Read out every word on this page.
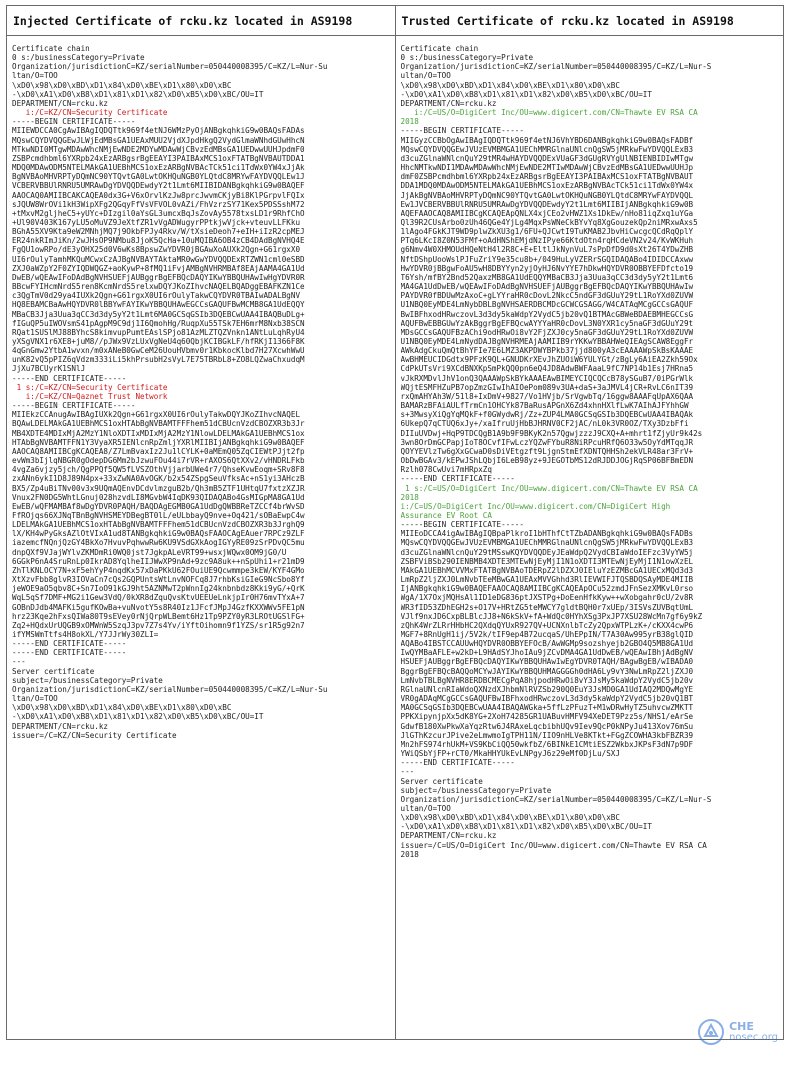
Injected Certificate of rcku.kz located in AS9198
Certificate chain
0 s:/businessCategory=Private
Organization/jurisdictionC=KZ/serialNumber=050440008395/C=KZ/L=Nur-Su
ltan/O=TOO
\xD0\x98\xD0\xBD\xD1\x84\xD0\xBE\xD1\x80\xD0\xBC
-\xD0\xA1\xD0\xB8\xD1\x81\xD1\x82\xD0\xB5\xD0\xBC/OU=IT
DEPARTMENT/CN=rcku.kz
i:/C=KZ/CN=Security Certificate
-----BEGIN CERTIFICATE-----
MIIEWDCCA0CgAwIBAgIQDQTtk969f4etNJ6WMzPyOjANBgkqhkiG9w0BAQsFADAs
MQswCQYDVQQGEwJLWjEdMBsGA1UEAxMUU2VjdXJpdHkgQ2VydGlmaWNhdGUwHhcN
MTkwNDI0MTgwMDAwWhcNMjEwNDE2MDYwMDAwWjCBvzEdMBsGA1UEDwwUUHJpdmF0
ZSBPcmdhbml6YXRpb24xEzARBgsrBgEEAYI3PAIBAxMCS1oxFTATBgNVBAUTDDA1
MDQ0MDAwODM5NTELMAkGA1UEBhMCS1oxEzARBgNVBAcTCk51ci1TdWx0YW4xJjAk
BgNVBAoMHVRPTyDQmNC90YTQvtGA0LwtOKHQuNGB0YLQtdC8MRYwFAYDVQQLEw1J
VCBERVBBUlRNRU5UMRAwDgYDVQQDEwdyY2t1Lmt6MIIBIDANBgkqhkiG9w0BAQEF
AAOCAQ0AMIIBCAKCAQEA0dx3G+V6xOrvlKzJw8prcJwvmCKjyBi8KlPGrpvlFQIx
sJQUW8WrOVi1kH3WipXFg2QGqyFfVsVFVOL0vAZi/FhVzrzSY71Kex5PDSSshM72
+tMxvM2gljheC5+yUYc+DIzgil0aYsGL3umcxBqJsZovAy5578txsLD1r9RhfChO
+Ul90V403K167yLU5oMuVZ9JeXtfZR1vVgADWugyrPPtkjwVjck+vteuvLLFKku
BGhA55XV9Kta9eW2MNhjMQ7j9OkbFPJy4Rkv/W/tXsieDeoh7+eIH+iIzR2cpMEJ
ER24nkRImJiKn/2wJHsOP9NMbu8JjoK5QcHa+10uMQIBA6OB4zCB4DAdBgNVHQ4E
FgQU1owRPo/dE3yOHX25d0V6wKs8BpswZwYDVR0jBGAwXoAUXk2Qgn+G61rgxX0
UI6rOulyTamhMKQuMCwxCzAJBgNVBAYTAktaMR0wGwYDVQQDExRTZWN1cml0eSBD
ZXJ0aWZpY2F0ZYIQDWQGZ+aoKywP+8fMQ1iFvjAMBgNVHRMBAf8EAjAAMA4GA1Ud
DwEB/wQEAwIFoDAdBgNVHSUEFjAUBggrBgEFBQcDAQYIKwYBBQUHAwIwHgYDVR0R
BBcwFYIHcmNrdS5ren8KcmNrdS5relxwDQYJKoZIhvcNAQELBQADggEBAFKZN1Ce
c3QgTmV0d29ya4IUXk2Qgn+G61rgxX0UI6rOulyTakwCQYDVR0TBAIwADALBgNV
HQ8EBAMCBaAwHQYDVR0lBBYwFAYIKwYBBQUHAwEGCCsGAQUFBwMCMB8GA1UdEQQY
MBaCB3Jja3Uua3qCC3d3dy5yY2t1Lmt6MA0GCSqGSIb3DQEBCwUAA4IBAQBuDLg+
fIGuQP5uIWOVsmS41pAgpM9C9dj1I6QmohHg/RuqpXu55TSk7EH6mrM8Nxb38SCN
RQat1SUSlMJ88BYhcS8kimvupPumtEAslSPjo81AzMLZTQZVnkn1ANtLuLqhRyU4
yXSgVNX1r6XE8+juM8//pJWx9VzLUxVgNeU4q60QbjKCIBGkLF/hfRKjI1366F8K
4qGnGmw2YtbA1wvxn/m0xANeB0GwCeM26UouHVbmv0r1KbkocKlbd7H27XcwhWwU
unK82vQ5pPIZ6qVdzm333iLi5khPrsubH2sVyL7E75TBRbL8+ZO8LQZwaChxudqM
JjXu7BCUyrK1SNlJ
-----END CERTIFICATE-----
1 s:/C=KZ/CN=Security Certificate
i:/C=KZ/CN=Qaznet Trust Network
-----BEGIN CERTIFICATE-----
MIIEkzCCAnugAwIBAgIUXk2Qgn+G61rgxX0UI6rOulyTakwDQYJKoZIhvcNAQEL
BQAwLDELMAkGA1UEBhMCS1oxHTAbBgNVBAMTFFFhem51dCBUcnVzdCBOZXR3b3Jr
MB4XDTE4MDIxMjA2MzY1NloXDTIxMDIxMjA2MzY1NlowLDELMAkGA1UEBhMCS1ox
HTAbBgNVBAMTFFN1Y3VyaXR5IENlcnRpZmljYXRlMIIBIjANBgkqhkiG9w0BAQEF
AAOCAQ8AMIIBCgKCAQEA8/Z7LmBvaxIz2Ju1lCYLK+0aMEmQ05ZqCIEWtPJjt2fp
evWm3bIjlqNBGR0gOdepDG6Mm2bJzwuFOu44i7rVR+rAXOS6QtXXv2/vHNDRLFkb
4vgZa6vjzy5jch/QgPPQf5QW5fLVSZOthVjjarbUWe4r7/QhseKvwEoqm+SRv8F8
zxANn6ykI1D8J89N4px+33xZwNA0AvOGK/b2x54ZSpgSeuVfksAc+nS1yi3AHczB
BX5/Zp4uBiTNv00v3x9UQmAQEnvDCdvlmzguB2b/Qh3mB5ZTF1UHtqU7fxtzXZJR
Vnux2FN0DG5WhtLGnuj028hzvdLI8MGvbW4IqDK93QIDAQABo4GsMIGpMA8GA1Ud
EwEB/wQFMAMBAf8wDgYDVR0PAQH/BAQDAgEGMB0GA1UdDgQWBBReTZCCf4brWvSD
FfROjqs66XJNqTBnBgNVHSMEYDBegBT0lL/eULbbayQ9nve+Oq421/sOBaEwpC4w
LDELMAkGA1UEBhMCS1oxHTAbBgNVBAMTFFFhem51dCBUcnVzdCBOZXR3b3JrghQ9
lX/KH4wPyGksAZlOtVIxA1ud8TANBgkqhkiG9w0BAQsFAAOCAgEAuer7RPCz9ZLF
iazemcfNQnjQzGY4BkXo7HvuvPqhwwRw6KU9VSdGXkAogIGYyRE09zSrPDvQC5mu
dnpQXf9VJajWYlvZKMDmRi0WQ0jst7JgkpALeVRT99+wsxjWQwx0OM9jG0/U
6GGkP6nA4SruRnLp0IkrAD8YqlheIIJWwXP9nAd+9zc9A8uk++nSpUhi1+r21mD9
ZhTlKNLOCY7N+xF5ehYyP4nqdKx57xDaPKkU62FOuiUE9Qcwmmpe3kEW/KYF4GMo
XtXzvFbb8glvR3IOVaCn7cQs2GQPUntsWtLnvNOFCq8J7rhbKsiGIeG9NcSbo8Yf
jeWOE9aO5qbv8C+Sn7IoO91kGJ9ht5AZNMwT2pWnnIg24knbnbdz8Kki9yG/+QrK
WqL5qSf7DMF+MG2i1Gew3VdQ/0kXR8dZquQvsKtvUEEUeLnkjpIr0H76mvTYxA+7
GOBnDJdb4MAFKi5gufKOwBa+vuNvotY5s8R40Iz1JFcfJMpJ4GzfKXXWWv5FE1pN
hrz23Kqe2hFxsQIWa80T9sEVey0rNjQrpWLBemt6Hz1Tp9PZY0yR3LROtUGSlFG+
Zq2+HQdxUrUQGB9xOMWnW5SzqJ3pv7Z7s4Yv/iYftOihomn9f1YZS/sr1R5g92n7
ifYMSWmTtfs4H8okXL/Y7JJrWy30ZLI=
-----END CERTIFICATE-----
-----END CERTIFICATE-----
---
Server certificate
subject=/businessCategory=Private
Organization/jurisdictionC=KZ/serialNumber=050440008395/C=KZ/L=Nur-Su
ltan/O=TOO
\xD0\x98\xD0\xBD\xD1\x84\xD0\xBE\xD1\x80\xD0\xBC
-\xD0\xA1\xD0\xB8\xD1\x81\xD1\x82\xD0\xB5\xD0\xBC/OU=IT
DEPARTMENT/CN=rcku.kz
issuer=/C=KZ/CN=Security Certificate
Trusted Certificate of rcku.kz located in AS9198
Certificate chain
0 s:/businessCategory=Private
Organization/jurisdictionC=KZ/serialNumber=050440008395/C=KZ/L=Nur-S
ultan/O=TOO
\xD0\x98\xD0\xBD\xD1\x84\xD0\xBE\xD1\x80\xD0\xBC
-\xD0\xA1\xD0\xB8\xD1\x81\xD1\x82\xD0\xB5\xD0\xBC/OU=IT
DEPARTMENT/CN=rcku.kz
i:/C=US/O=DigiCert Inc/OU=www.digicert.com/CN=Thawte EV RSA CA
2018
-----BEGIN CERTIFICATE-----
MIIGyzCCBbOgAwIBAgIQDQTtk969f4etNJ6VhYBD6DANBgkqhkiG9w0BAQsFADBf
MQswCQYDVQQGEwJVUzEVMBMGA1UEChMMRGlnaUNlcnQgSW5jMRkwFwYDVQQLExB3
d3cuZGlnaWNlcnQuY29tMR4wHAYDVQQDExVUaGF3dGUgRVYgUlNBIENBIDIwMTgw
HhcNMTkwNDI1MDAwMDAwWhcNMjEwNDE2MTIwMDAwWjCBvzEdMBsGA1UEDwwUUHJp
dmF0ZSBPcmdhbml6YXRpb24xEzARBgsrBgEEAYI3PAIBAxMCS1oxFTATBgNVBAUT
DDA1MDQ0MDAwODM5NTELMAkGA1UEBhMCS1oxEzARBgNVBAcTCk51ci1TdWx0YW4x
JjAkBgNVBAoMHVRPTyDQmNC90YTQvtGA0LwtOKHQuNGB0YLQtdC8MRYwFAYDVQQL
Ew1JVCBERVBBUlRNRU5UMRAwDgYDVQQDEwdyY2t1Lmt6MIIBIjANBgkqhkiG9w0B
AQEFAAOCAQ8AMIIBCgKCAQEApQNLX4xjCEo2vHWZ1Xs1DkEw/nHo81iqZxq1uYGa
Ql39R2CUsArbo0zUh46QGe4YjLg4MqxPsWNeCkBYvYq8XgGouzekQp2niMRxwAxs5
1lAgo4FGkKJT9WD9plwZkXU3g1/6FU+QJCwtI9TuKMAB2JbvHiCwcgcQCdRqQplY
PTq6LKcI8Z0N53FMf+oAdHNShEMjdNzIPye66KtdOtn4rqHCdeVN2v24/KvWKHuh
g6Nmv4W0XHMOUdHQeNtH4l2R8C+E+EltlJkNynVuL7sPpDfD9d0sXt26T4YDwZHB
NftDShpUooWslPJFuZriY9e35cu8b+/049HuLyVZERrSGQIDAQABo4IDIDCCAxww
HwYDVR0jBBgwFoAU5wH8DBYYyn2yjOyHJ6NvYYE7hDkwHQYDVR0OBBYEFDfcto19
T6Ysh/mfBY2Bnd52QaxzMB8GA1UdEQQYMBaCB3Jja3Uua3qCC3d3dy5yY2t1Lmt6
MA4GA1UdDwEB/wQEAwIFoDAdBgNVHSUEFjAUBggrBgEFBQcDAQYIKwYBBQUHAwIw
PAYDVR0fBDUwMzAxoC+gLYYraHR0cDovL2NkcC5ndGF3dGUuY29tL1RoYXd0ZUVW
U1NBQ0EyMDE4LmNybDBLBgNVHSAERDBCMDcGCWCGSAGG/W4CATAqMCgGCCsGAQUF
BwIBFhxodHRwczovL3d3dy5kaWdpY2VydC5jb20vQ1BTMAcGBWeBDAEBMHEGCCsG
AQUFBwEBBGUwYzAkBggrBgEFBQcwAYYYaHR0cDovL3N0YXR1cy5naGF3dGUuY29t
MDsGCCsGAQUFBzAChi9odHRwOi8vY2FjZXJ0cy5naGF3dGUuY29tL1RoYXd0ZUVW
U1NBQ0EyMDE4LmNydDAJBgNVHRMEAjAAMIIB9rYKKwYBBAHWeQIEAgSCAW8EggFr
AWkAdgCkuQmQtBhYFIe7E6LMZ3AKPDWYBPkb37jjd800yA3cEAAAAWpSkBsKAAAE
AwBHMEUCIDGdtx9PFzK9QL+GNUDKrXEvJhZUOiW6YULYGt/zBgLy6AiEA2Zkh59Ox
CdPkUTsVri9XCdBNXKpSmPkQQ0pn6eQ4JD8AdwBWFAaaL9fC7NP14b1Esj7HRna5
vJkRXMDvlJhV1onQ3QAAAWpSkBYkAAAEAwBIMEYCIQCQCcB78ySGuB7/0iPGrWlk
WQjtESMFHZuPB7opZmzGIwIhAIOePom089v3UA+daS+3aJMVL4jCR+RvLC6nIT39
rxQmAHYAh3W/51l8+IxDmV+9827/Vo1HVjb/SrVgwbTq/16ggw8AAAFqUpAX6QAA
BAMARzBFAiAULfTrmCn1OHCYk87BaRusAPGnX6Zd4xhnHXlfLwK7AIhAJFYhhGW
s+3MwsyXiQgYqMQkF+f0GWydwRj/Zz+ZUP4LMA0GCSqGSIb3DQEBCwUAA4IBAQAk
6UkepQ7qCTUQ6xJy+/xaIfruUjHbBJHRNV0CF2jAC/nL0k3VR0OZ/TXy3DzbFfi
DIIuUVDwj+HqP9TDCQgB1A9b9F9BKyK2n57QgwjzzzJ9CXQ+A+mhrt1fZjyUr9k42s
3wn8OrDmGCPapjIoT8OCvfIFwLczYQZwFYbuR8NiRPcuHRfQ6O33w5OyYdMTqqJR
QOYYEVlzTw6gXxGCwaD0sDiVEtgzft9LjgnStmEfXDNTQHHSh2ekVLR48ar3FrV+
ObDwBGAv3/kEPwJShLQbjI6LeB98yz+9JEGOTbMS12dRJDDJOGjRqSP06BFBmEDN
Rzlh078CwUvi7mHRpxZq
-----END CERTIFICATE-----
1 s:/C=US/O=DigiCert Inc/OU=www.digicert.com/CN=Thawte EV RSA CA
2018
i:/C=US/O=DigiCert Inc/OU=www.digicert.com/CN=DigiCert High
Assurance EV Root CA
-----BEGIN CERTIFICATE-----
MIIEoDCCA4igAwIBAgIQBpaPlkroI1bHThfCtTZbADANBgkqhkiG9w0BAQsFADBs
MQswCQYDVQQGEwJVUzEVMBMGA1UEChMMRGlnaUNlcnQgSW5jMRkwFwYDVQQLExB3
d3cuZGlnaWNlcnQuY29tMSswKQYDVQQDEyJEaWdpQ2VydCBIaWdoIEFzc3VyYW5j
ZSBFViBSb290IENBMB4XDTE3MTEwNjEyMjI1N1oXDTI3MTEwNjEyMjI1N1owXzEL
MAkGA1UEBhMCVVMxFTATBgNVBAoTDERpZ2lDZXJ0IEluYzEZMBcGA1UECxMQd3d3
LmRpZ2ljZXJ0LmNvbTEeMBwGA1UEAxMVVGhhd3RlIEVWIFJTQSBDQSAyMDE4MIIB
IjANBgkqhkiG9w0BAQEFAAOCAQ8AMIIBCgKCAQEApOCu52zmdJFnSezXMKvL0rso
WgA/1X7OxjMQHsAl1ID1eDG836ptJXSTPg+DoEenHfkKyw++wXobgahr0cU/2v8R
WR3fID53ZDhEGH2s+O17V+HRtZG5teMWCY7gldtBQH0r7xUEp/3ISVsZUVBqtUmL
VJlf9nxJD6CxpBLBlcJJ8+N6kSkV+fA+WdQc0HYhXSg3PxJP7XSU28WcMn7gf6y9kZ
zQhK4WrZLRrHHbHC2QXdqQYUxR927QV+UCNXnlbTcZy2QpxWTPLzK+/cKXX4cwP6
MGF7+8RnUgH1ij/5V2k/tIF9ep4B72ucqaS/UhEPpIN/T7A30Aw995yrB38glQID
AQABo4IBSTCCAUUwHQYDVR0OBBYEFOcB/AwWGMp9sozshyejb2GBO4Q5MB8GA1Ud
IwQYMBaAFLE+w2kD+L9HAdSYJhoIAu9jZCvDMA4GA1UdDwEB/wQEAwIBhjAdBgNV
HSUEFjAUBggrBgEFBQcDAQYIKwYBBQUHAwIwEgYDVR0TAQH/BAgwBgEB/wIBADA0
BggrBgEFBQcBAQQoMCYwJAYIKwYBBQUHMAGGGGh0dHA6Ly9vY3NwLmRpZ2ljZXJ0
LmNvbTBLBgNVHR8ERDBCMECgPqA8hjpodHRwOi8vY3JsMy5kaWdpY2VydC5jb20v
RGlnaUNlcnRIaWdoQXNzdXJhbmNlRVZSb290Q0EuY3JsMD0GA1UdIAQ2MDQwMgYE
VR0gADAqMCgGCCsGAQUFBwIBFhxodHRwczovL3d3dy5kaWdpY2VydC5jb20vQ1BT
MA0GCSqGSIb3DQEBCwUAA4IBAQAWGka+5ffLzPFuzT+M1wDRwHyTZ5uhvcwZMKTT
PPKXipynjpXx5dK8YG+2XoH74285GR1UABuvHMFV94XeDET9Pzz5s/NHS1/eArSe
GdwfB180XwPkwXaYqzRtw6J4RAxeLqcbibhUQv9Iev9QcP0kNPyJu413Xov76mSu
JlGThKzcurJPive2eLmwmoIgTPH11N/IIO9nHLVe8KTkt+FGgZCOWHA3kbFBZR39
Mn2hFS974rhUkM+VS9KbCiQQ50wkfbZ/6BINkE1CMtiESZ2WkbxJKPsF3dN7p9DF
YWiQSbYjFP+rCT0/MkaHHYUkEvLNPgyJ6z29eMf0DjLu/SXJ
-----END CERTIFICATE-----
---
Server certificate
subject=/businessCategory=Private
Organization/jurisdictionC=KZ/serialNumber=050440008395/C=KZ/L=Nur-S
ultan/O=TOO
\xD0\x98\xD0\xBD\xD1\x84\xD0\xBE\xD1\x80\xD0\xBC
-\xD0\xA1\xD0\xB8\xD1\x81\xD1\x82\xD0\xB5\xD0\xBC/OU=IT
DEPARTMENT/CN=rcku.kz
issuer=/C=US/O=DigiCert Inc/OU=www.digicert.com/CN=Thawte EV RSA CA
2018
CHE
nosec.org
